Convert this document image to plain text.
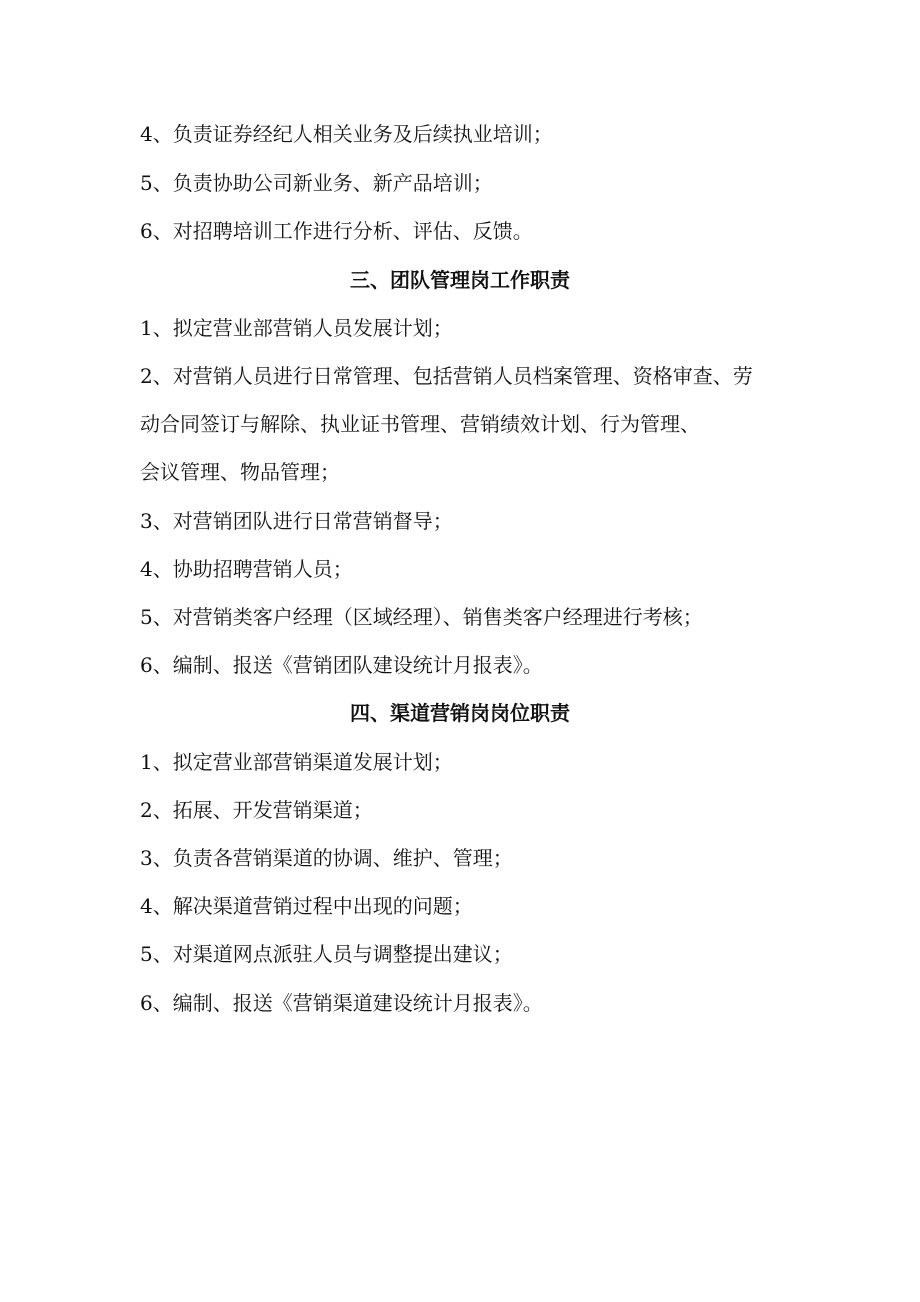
4、负责证券经纪人相关业务及后续执业培训；
5、负责协助公司新业务、新产品培训；
6、对招聘培训工作进行分析、评估、反馈。
三、团队管理岗工作职责
1、拟定营业部营销人员发展计划；
2、对营销人员进行日常管理、包括营销人员档案管理、资格审查、劳
动合同签订与解除、执业证书管理、营销绩效计划、行为管理、
会议管理、物品管理；
3、对营销团队进行日常营销督导；
4、协助招聘营销人员；
5、对营销类客户经理（区域经理）、销售类客户经理进行考核；
6、编制、报送《营销团队建设统计月报表》。
四、渠道营销岗岗位职责
1、拟定营业部营销渠道发展计划；
2、拓展、开发营销渠道；
3、负责各营销渠道的协调、维护、管理；
4、解决渠道营销过程中出现的问题；
5、对渠道网点派驻人员与调整提出建议；
6、编制、报送《营销渠道建设统计月报表》。
